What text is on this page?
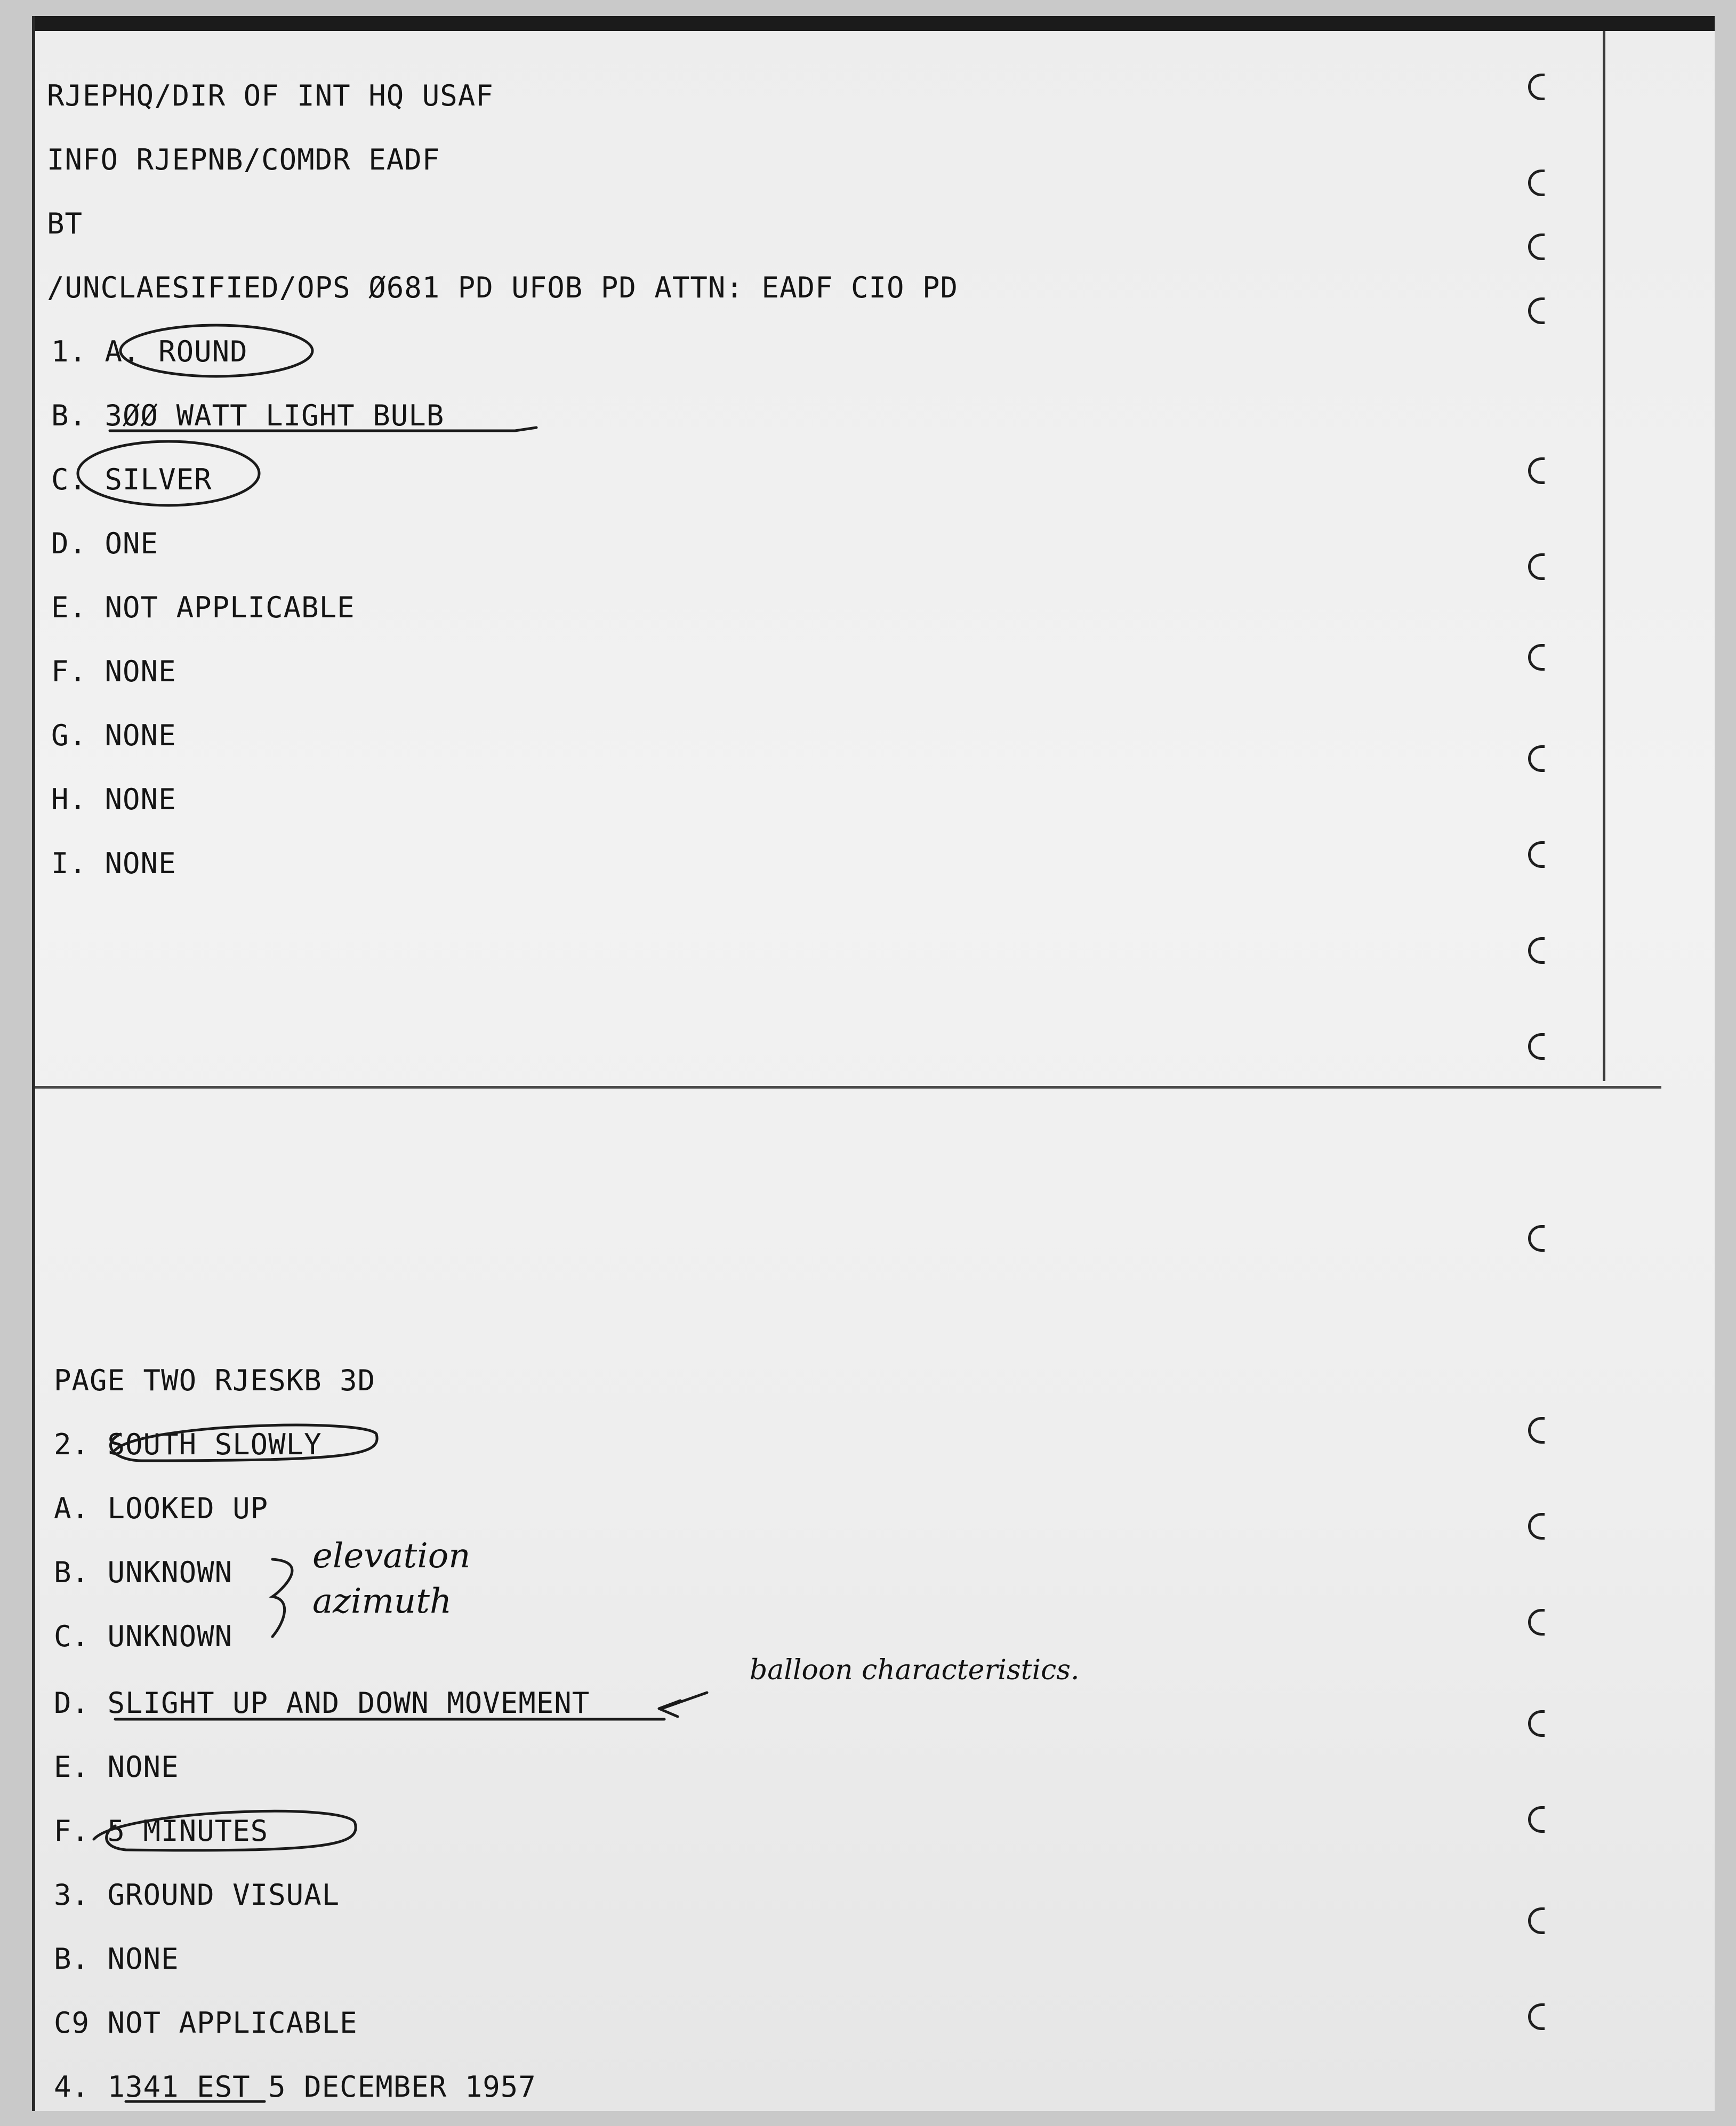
RJEPHQ/DIR OF INT HQ USAF
INFO RJEPNB/COMDR EADF
BT
/UNCLAESIFIED/OPS Ø681 PD UFOB PD ATTN: EADF CIO PD
1. A. ROUND
B. 3ØØ WATT LIGHT BULB
C. SILVER
D. ONE
E. NOT APPLICABLE
F. NONE
G. NONE
H. NONE
I. NONE
PAGE TWO RJESKB 3D
2. SOUTH SLOWLY
A. LOOKED UP
B. UNKNOWN
C. UNKNOWN
D. SLIGHT UP AND DOWN MOVEMENT
E. NONE
F. 5 MINUTES
3. GROUND VISUAL
B. NONE
C9 NOT APPLICABLE
4. 1341 EST 5 DECEMBER 1957
elevation
azimuth
balloon characteristics.
